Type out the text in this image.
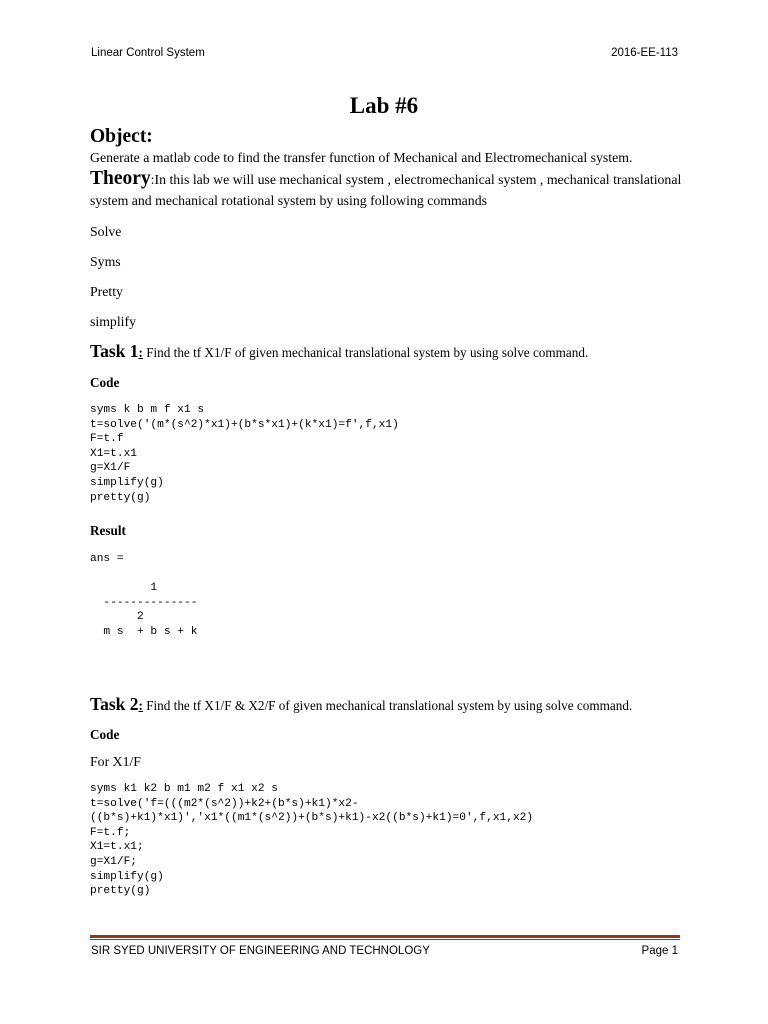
Linear Control System	2016-EE-113
Lab #6
Object:
Generate a matlab code to find the transfer function of Mechanical and Electromechanical system.
Theory:In this lab we will use mechanical system , electromechanical system , mechanical translational system and mechanical rotational system by using following commands
Solve
Syms
Pretty
simplify
Task 1: Find the tf X1/F of given mechanical translational system by using solve command.
Code
syms k b m f x1 s
t=solve('(m*(s^2)*x1)+(b*s*x1)+(k*x1)=f',f,x1)
F=t.f
X1=t.x1
g=X1/F
simplify(g)
pretty(g)
Result
ans =

1
--------------
2
m s  + b s + k
Task 2: Find the tf X1/F & X2/F of given mechanical translational system by using solve command.
Code
For X1/F
syms k1 k2 b m1 m2 f x1 x2 s
t=solve('f=(((m2*(s^2))+k2+(b*s)+k1)*x2-
((b*s)+k1)*x1)','x1*((m1*(s^2))+(b*s)+k1)-x2((b*s)+k1)=0',f,x1,x2)
F=t.f;
X1=t.x1;
g=X1/F;
simplify(g)
pretty(g)
SIR SYED UNIVERSITY OF ENGINEERING AND TECHNOLOGY	Page 1
